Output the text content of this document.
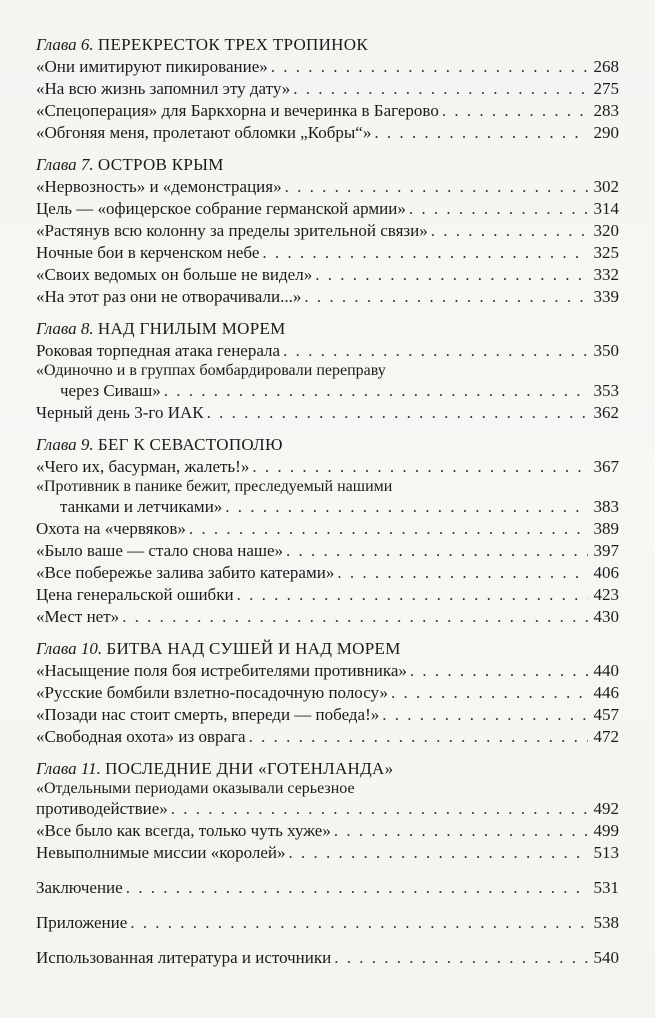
Глава 6. ПЕРЕКРЕСТОК ТРЕХ ТРОПИНОК
«Они имитируют пикирование» . . .	268
«На всю жизнь запомнил эту дату» . . .	275
«Спецоперация» для Баркхорна и вечеринка в Багерово . . .	283
«Обгоняя меня, пролетают обломки „Кобры“» . . .	290
Глава 7. ОСТРОВ КРЫМ
«Нервозность» и «демонстрация» . . .	302
Цель — «офицерское собрание германской армии» . . .	314
«Растянув всю колонну за пределы зрительной связи» . . .	320
Ночные бои в керченском небе . . .	325
«Своих ведомых он больше не видел» . . .	332
«На этот раз они не отворачивали...» . . .	339
Глава 8. НАД ГНИЛЫМ МОРЕМ
Роковая торпедная атака генерала . . .	350
«Одиночно и в группах бомбардировали переправу
через Сиваш» . . .	353
Черный день 3-го ИАК . . .	362
Глава 9. БЕГ К СЕВАСТОПОЛЮ
«Чего их, басурман, жалеть!» . . .	367
«Противник в панике бежит, преследуемый нашими
танками и летчиками» . . .	383
Охота на «червяков» . . .	389
«Было ваше — стало снова наше» . . .	397
«Все побережье залива забито катерами» . . .	406
Цена генеральской ошибки . . .	423
«Мест нет» . . .	430
Глава 10. БИТВА НАД СУШЕЙ И НАД МОРЕМ
«Насыщение поля боя истребителями противника» . . .	440
«Русские бомбили взлетно-посадочную полосу» . . .	446
«Позади нас стоит смерть, впереди — победа!» . . .	457
«Свободная охота» из оврага . . .	472
Глава 11. ПОСЛЕДНИЕ ДНИ «ГОТЕНЛАНДА»
«Отдельными периодами оказывали серьезное
противодействие» . . .	492
«Все было как всегда, только чуть хуже» . . .	499
Невыполнимые миссии «королей» . . .	513
Заключение . . .	531
Приложение . . .	538
Использованная литература и источники . . .	540
